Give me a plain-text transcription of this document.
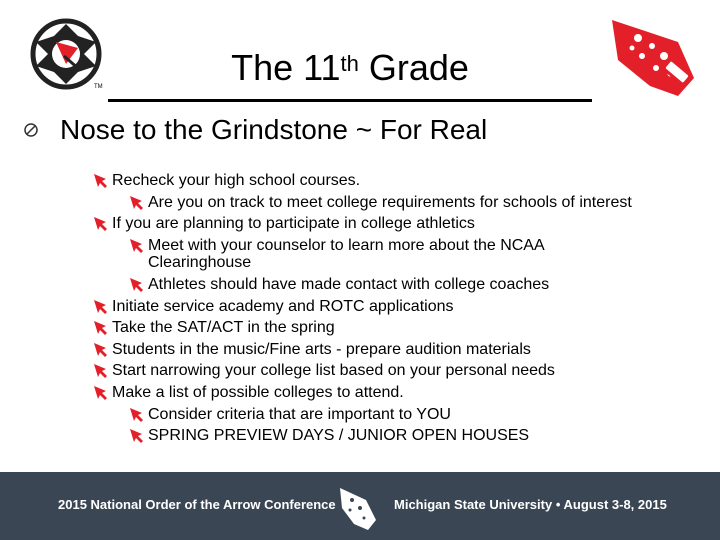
TM	The 11th Grade
Nose to the Grindstone ~ For Real
Recheck your high school courses.
Are you on track to meet college requirements for schools of interest
If you are planning to participate in college athletics
Meet with your counselor to learn more about the NCAA
Clearinghouse
Athletes should have made contact with college coaches
Initiate service academy and ROTC applications
Take the SAT/ACT in the spring
Students in the music/Fine arts - prepare audition materials
Start narrowing your college list based on your personal needs
Make a list of possible colleges to attend.
Consider criteria that are important to YOU
SPRING PREVIEW DAYS / JUNIOR OPEN HOUSES
2015 National Order of the Arrow Conference	Michigan State University • August 3-8, 2015
